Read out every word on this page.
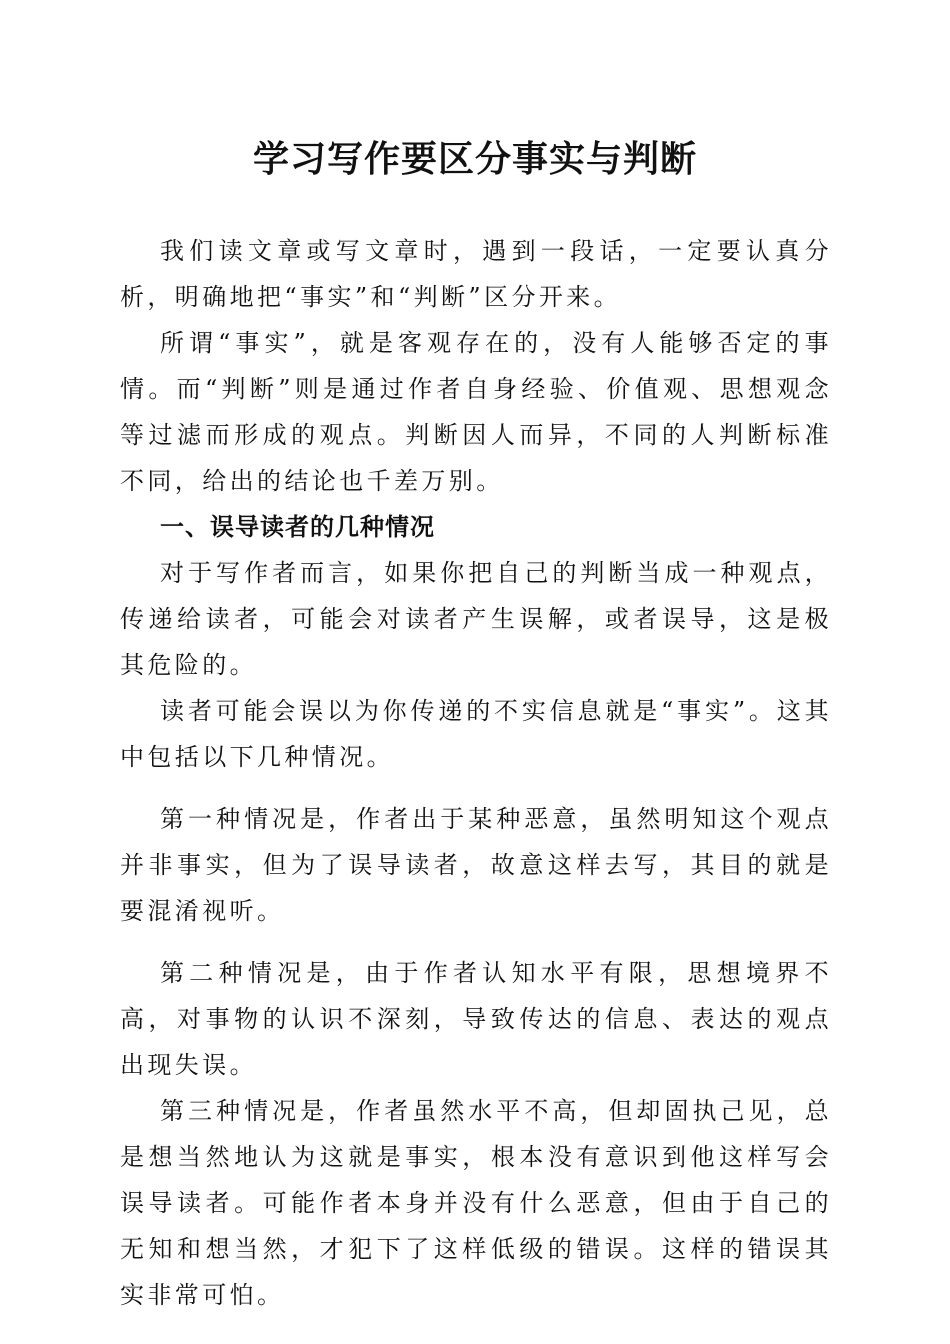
学习写作要区分事实与判断

我们读文章或写文章时，遇到一段话，一定要认真分析，明确地把“事实”和“判断”区分开来。

所谓“事实”，就是客观存在的，没有人能够否定的事情。而“判断”则是通过作者自身经验、价值观、思想观念等过滤而形成的观点。判断因人而异，不同的人判断标准不同，给出的结论也千差万别。

一、误导读者的几种情况

对于写作者而言，如果你把自己的判断当成一种观点，传递给读者，可能会对读者产生误解，或者误导，这是极其危险的。

读者可能会误以为你传递的不实信息就是“事实”。这其中包括以下几种情况。

第一种情况是，作者出于某种恶意，虽然明知这个观点并非事实，但为了误导读者，故意这样去写，其目的就是要混淆视听。

第二种情况是，由于作者认知水平有限，思想境界不高，对事物的认识不深刻，导致传达的信息、表达的观点出现失误。

第三种情况是，作者虽然水平不高，但却固执己见，总是想当然地认为这就是事实，根本没有意识到他这样写会误导读者。可能作者本身并没有什么恶意，但由于自己的无知和想当然，才犯下了这样低级的错误。这样的错误其实非常可怕。
